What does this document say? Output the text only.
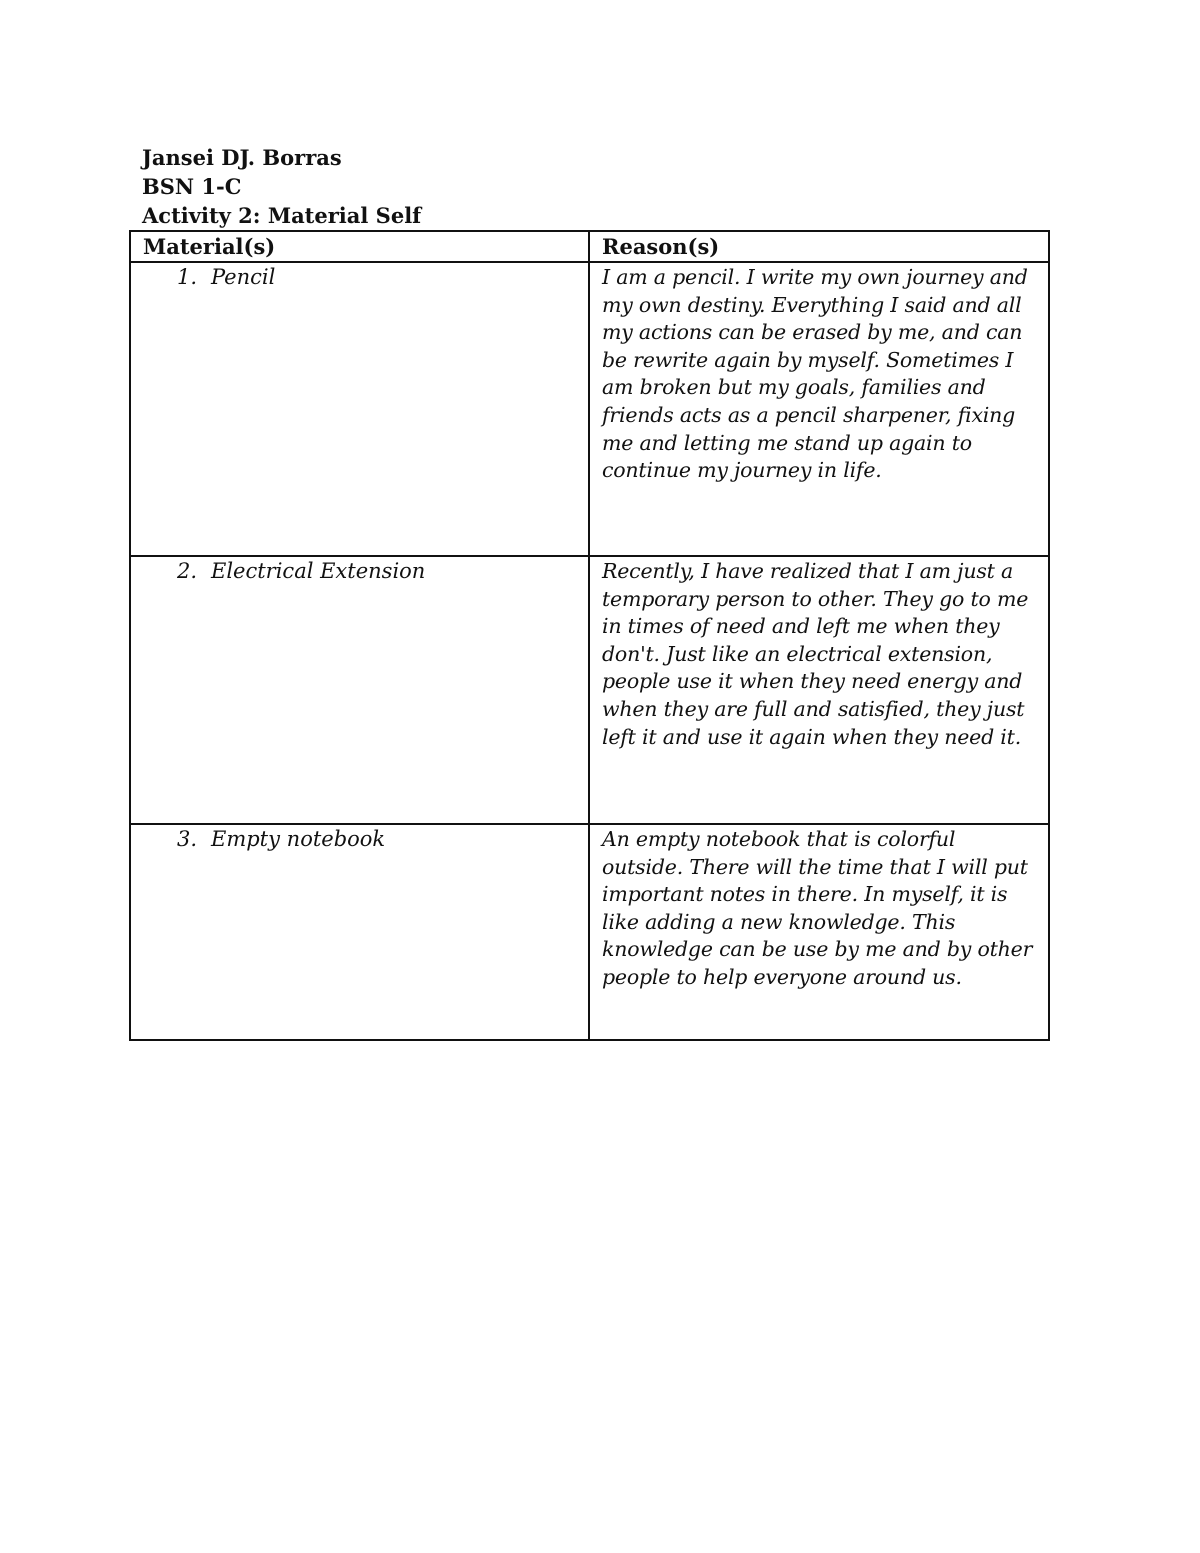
Jansei DJ. Borras
BSN 1-C
Activity 2: Material Self
Material(s)	Reason(s)

1. Pencil	I am a pencil. I write my own journey and my own destiny. Everything I said and all my actions can be erased by me, and can be rewrite again by myself. Sometimes I am broken but my goals, families and friends acts as a pencil sharpener, fixing me and letting me stand up again to continue my journey in life.

2. Electrical Extension	Recently, I have realized that I am just a temporary person to other. They go to me in times of need and left me when they don't. Just like an electrical extension, people use it when they need energy and when they are full and satisfied, they just left it and use it again when they need it.

3. Empty notebook	An empty notebook that is colorful outside. There will the time that I will put important notes in there. In myself, it is like adding a new knowledge. This knowledge can be use by me and by other people to help everyone around us.
